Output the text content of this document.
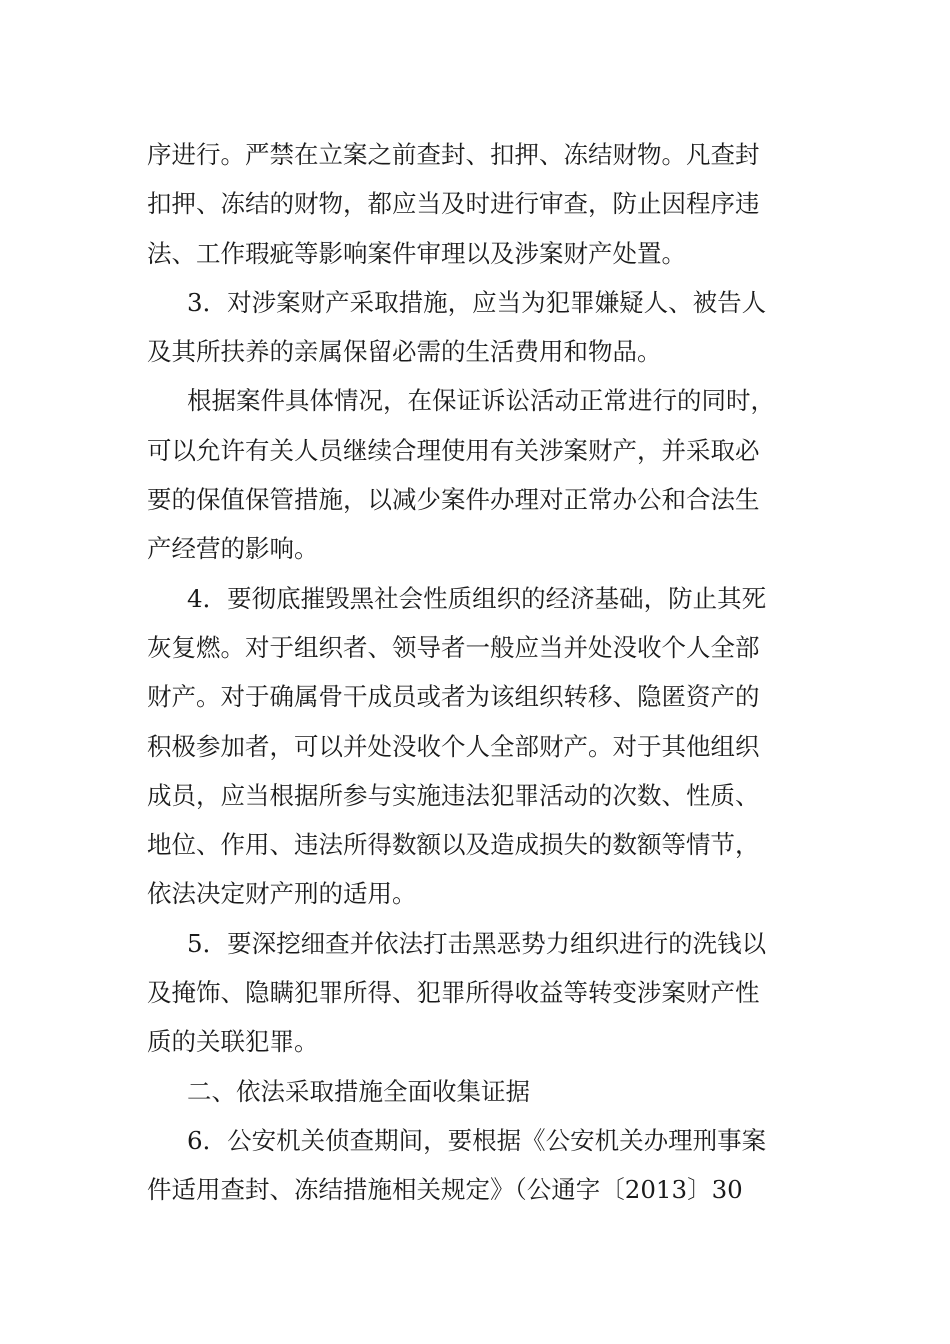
序进行。严禁在立案之前查封、扣押、冻结财物。凡查封
扣押、冻结的财物，都应当及时进行审查，防止因程序违
法、工作瑕疵等影响案件审理以及涉案财产处置。
3．对涉案财产采取措施，应当为犯罪嫌疑人、被告人
及其所扶养的亲属保留必需的生活费用和物品。
根据案件具体情况，在保证诉讼活动正常进行的同时，
可以允许有关人员继续合理使用有关涉案财产，并采取必
要的保值保管措施，以减少案件办理对正常办公和合法生
产经营的影响。
4．要彻底摧毁黑社会性质组织的经济基础，防止其死
灰复燃。对于组织者、领导者一般应当并处没收个人全部
财产。对于确属骨干成员或者为该组织转移、隐匿资产的
积极参加者，可以并处没收个人全部财产。对于其他组织
成员，应当根据所参与实施违法犯罪活动的次数、性质、
地位、作用、违法所得数额以及造成损失的数额等情节，
依法决定财产刑的适用。
5．要深挖细查并依法打击黑恶势力组织进行的洗钱以
及掩饰、隐瞒犯罪所得、犯罪所得收益等转变涉案财产性
质的关联犯罪。
二、依法采取措施全面收集证据
6．公安机关侦查期间，要根据《公安机关办理刑事案
件适用查封、冻结措施相关规定》（公通字〔2013〕30
